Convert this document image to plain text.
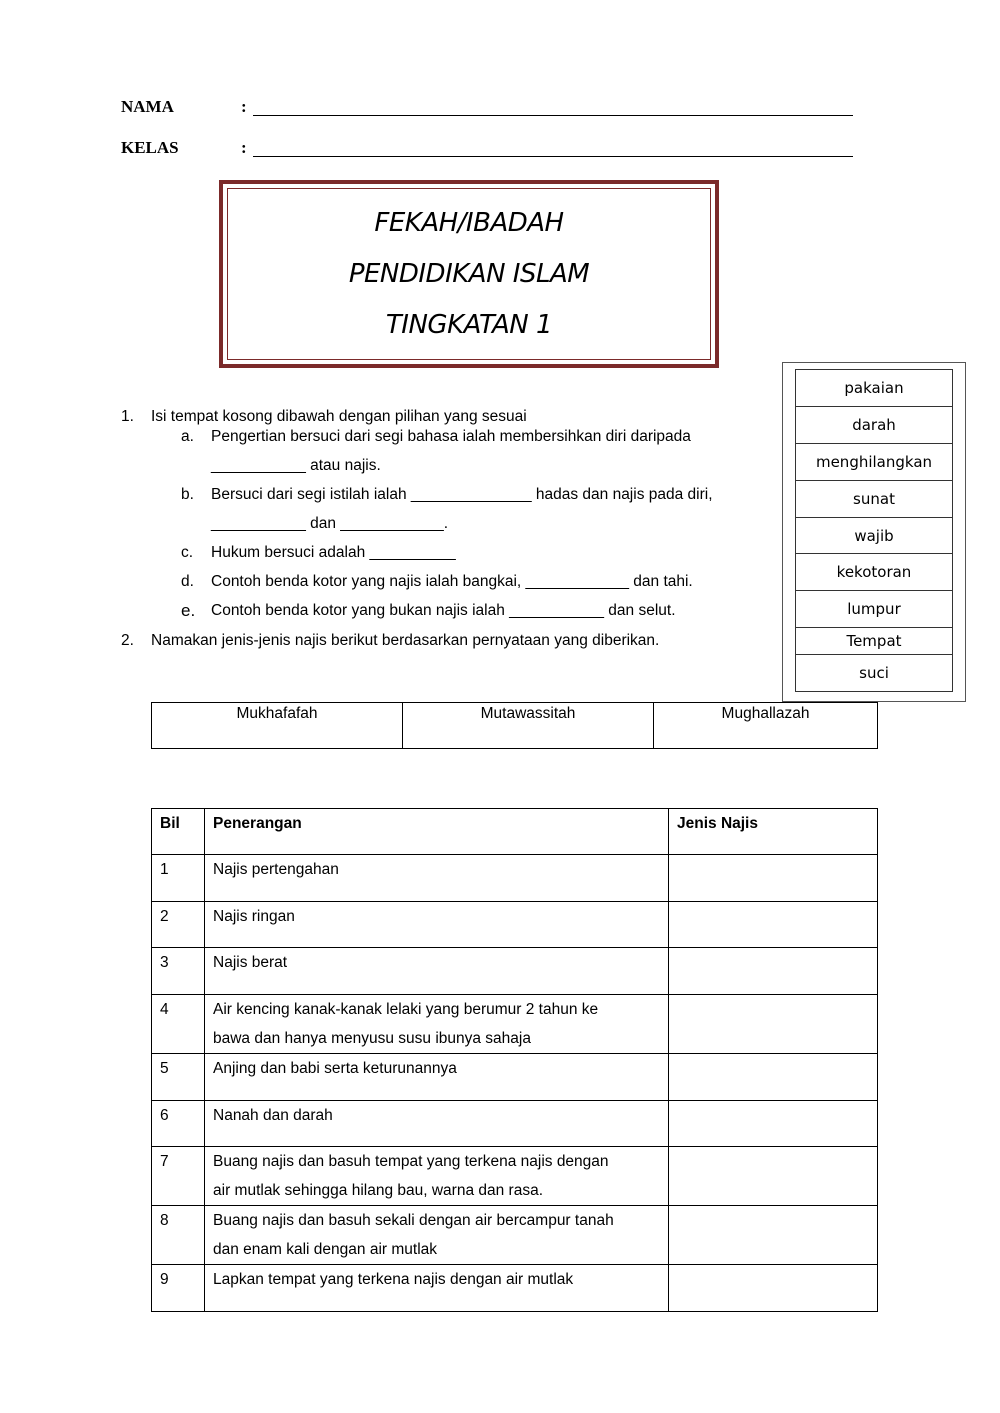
NAMA	:
KELAS	:
FEKAH/IBADAH
PENDIDIKAN ISLAM
TINGKATAN 1
pakaian
darah
menghilangkan
sunat
wajib
kekotoran
lumpur
Tempat
suci
1. Isi tempat kosong dibawah dengan pilihan yang sesuai
a. Pengertian bersuci dari segi bahasa ialah membersihkan diri daripada
___________ atau najis.
b. Bersuci dari segi istilah ialah ______________ hadas dan najis pada diri,
___________ dan ____________.
c. Hukum bersuci adalah __________
d. Contoh benda kotor yang najis ialah bangkai, ____________ dan tahi.
e. Contoh benda kotor yang bukan najis ialah ___________ dan selut.
2. Namakan jenis-jenis najis berikut berdasarkan pernyataan yang diberikan.
Mukhafafah	Mutawassitah	Mughallazah
Bil	Penerangan	Jenis Najis
1	Najis pertengahan	
2	Najis ringan	
3	Najis berat	
4	Air kencing kanak-kanak lelaki yang berumur 2 tahun ke
bawa dan hanya menyusu susu ibunya sahaja	

5	Anjing dan babi serta keturunannya	
6	Nanah dan darah	
7	Buang najis dan basuh tempat yang terkena najis dengan
air mutlak sehingga hilang bau, warna dan rasa.	

8	Buang najis dan basuh sekali dengan air bercampur tanah
dan enam kali dengan air mutlak	

9	Lapkan tempat yang terkena najis dengan air mutlak	
